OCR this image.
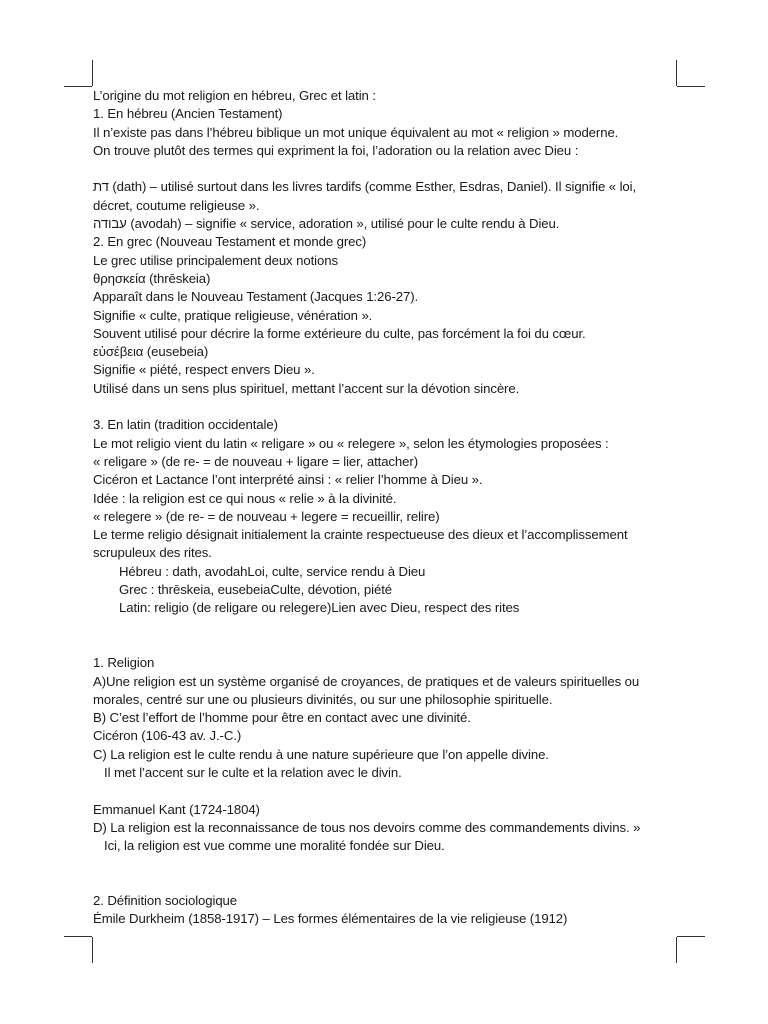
L’origine du mot religion en hébreu, Grec et latin :
1. En hébreu (Ancien Testament)
Il n’existe pas dans l’hébreu biblique un mot unique équivalent au mot « religion » moderne.
On trouve plutôt des termes qui expriment la foi, l’adoration ou la relation avec Dieu :
דת (dath) – utilisé surtout dans les livres tardifs (comme Esther, Esdras, Daniel). Il signifie « loi,
décret, coutume religieuse ».
עבודה (avodah) – signifie « service, adoration », utilisé pour le culte rendu à Dieu.
2. En grec (Nouveau Testament et monde grec)
Le grec utilise principalement deux notions
θρησκεία (thrēskeia)
Apparaît dans le Nouveau Testament (Jacques 1:26-27).
Signifie « culte, pratique religieuse, vénération ».
Souvent utilisé pour décrire la forme extérieure du culte, pas forcément la foi du cœur.
εὐσέβεια (eusebeia)
Signifie « piété, respect envers Dieu ».
Utilisé dans un sens plus spirituel, mettant l’accent sur la dévotion sincère.
3. En latin (tradition occidentale)
Le mot religio vient du latin « religare » ou « relegere », selon les étymologies proposées :
« religare » (de re- = de nouveau + ligare = lier, attacher)
Cicéron et Lactance l’ont interprété ainsi : « relier l’homme à Dieu ».
Idée : la religion est ce qui nous « relie » à la divinité.
« relegere » (de re- = de nouveau + legere = recueillir, relire)
Le terme religio désignait initialement la crainte respectueuse des dieux et l’accomplissement
scrupuleux des rites.
Hébreu : dath, avodahLoi, culte, service rendu à Dieu
Grec : thrēskeia, eusebeiaCulte, dévotion, piété
Latin: religio (de religare ou relegere)Lien avec Dieu, respect des rites
1. Religion
A)Une religion est un système organisé de croyances, de pratiques et de valeurs spirituelles ou
morales, centré sur une ou plusieurs divinités, ou sur une philosophie spirituelle.
B) C’est l’effort de l’homme pour être en contact avec une divinité.
Cicéron (106-43 av. J.-C.)
C) La religion est le culte rendu à une nature supérieure que l’on appelle divine.
Il met l’accent sur le culte et la relation avec le divin.
Emmanuel Kant (1724-1804)
D) La religion est la reconnaissance de tous nos devoirs comme des commandements divins. »
Ici, la religion est vue comme une moralité fondée sur Dieu.
2. Définition sociologique
Émile Durkheim (1858-1917) – Les formes élémentaires de la vie religieuse (1912)
